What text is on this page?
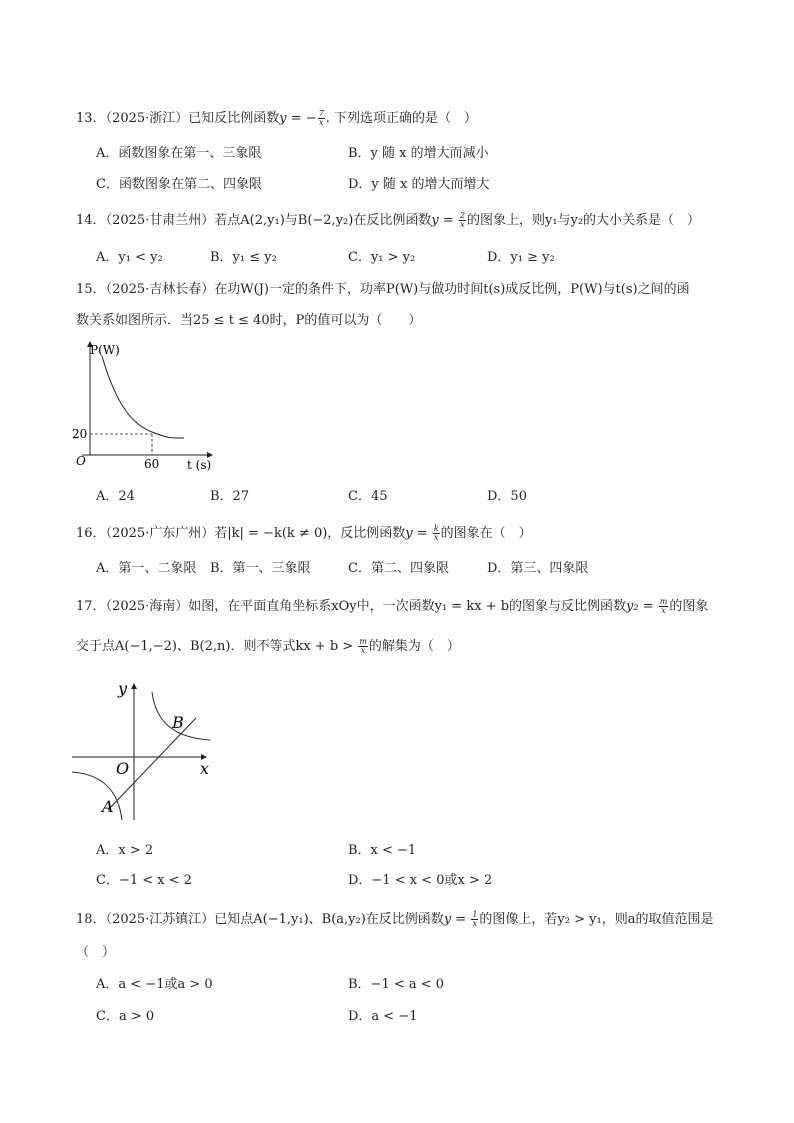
13．（2025·浙江）已知反比例函数y = − $\frac{7}{x}$ . 下列选项正确的是（　）
A．函数图象在第一、三象限	B．y 随 x 的增大而减小
C．函数图象在第二、四象限	D．y 随 x 的增大而增大
14．（2025·甘肃兰州）若点A(2,y₁)与B(−2,y₂)在反比例函数$y = \frac{2}{x}$ 的图象上，则y₁与y₂的大小关系是（　）
A．y₁ < y₂	B．y₁ ≤ y₂	C．y₁ > y₂	D．y₁ ≥ y₂
15．（2025·吉林长春）在功W(J)一定的条件下，功率P(W)与做功时间t(s)成反比例，P(W)与t(s)之间的函
数关系如图所示．当25 ≤ t ≤ 40时，P的值可以为（　　）
P(W)
t (s)
O	60
20
A．24	B．27	C．45	D．50
16．（2025·广东广州）若|k| = −k(k ≠ 0)，反比例函数$y = \frac{k}{x}$ 的图象在（　）
A．第一、二象限 B．第一、三象限	C．第二、四象限	D．第三、四象限
17．（2025·海南）如图，在平面直角坐标系xOy中，一次函数y₁ = kx + b的图象与反比例函数$y_2 = \frac{m}{x}$ 的图象
交于点A(−1,−2)、B(2,n)．则不等式kx + $b > \frac{m}{x}$ 的解集为（　）
y
x
O
A
B
A．x > 2	B．x < −1
C．−1 < x < 2	D．−1 < x < 0或x > 2
18．（2025·江苏镇江）已知点A(−1,y₁)、B(a,y₂)在反比例函数$y = \frac{1}{x}$ 的图像上，若y₂ > y₁，则a的取值范围是
（　）
A．a < −1或a > 0	B．−1 < a < 0
C．a > 0	D．a < −1
